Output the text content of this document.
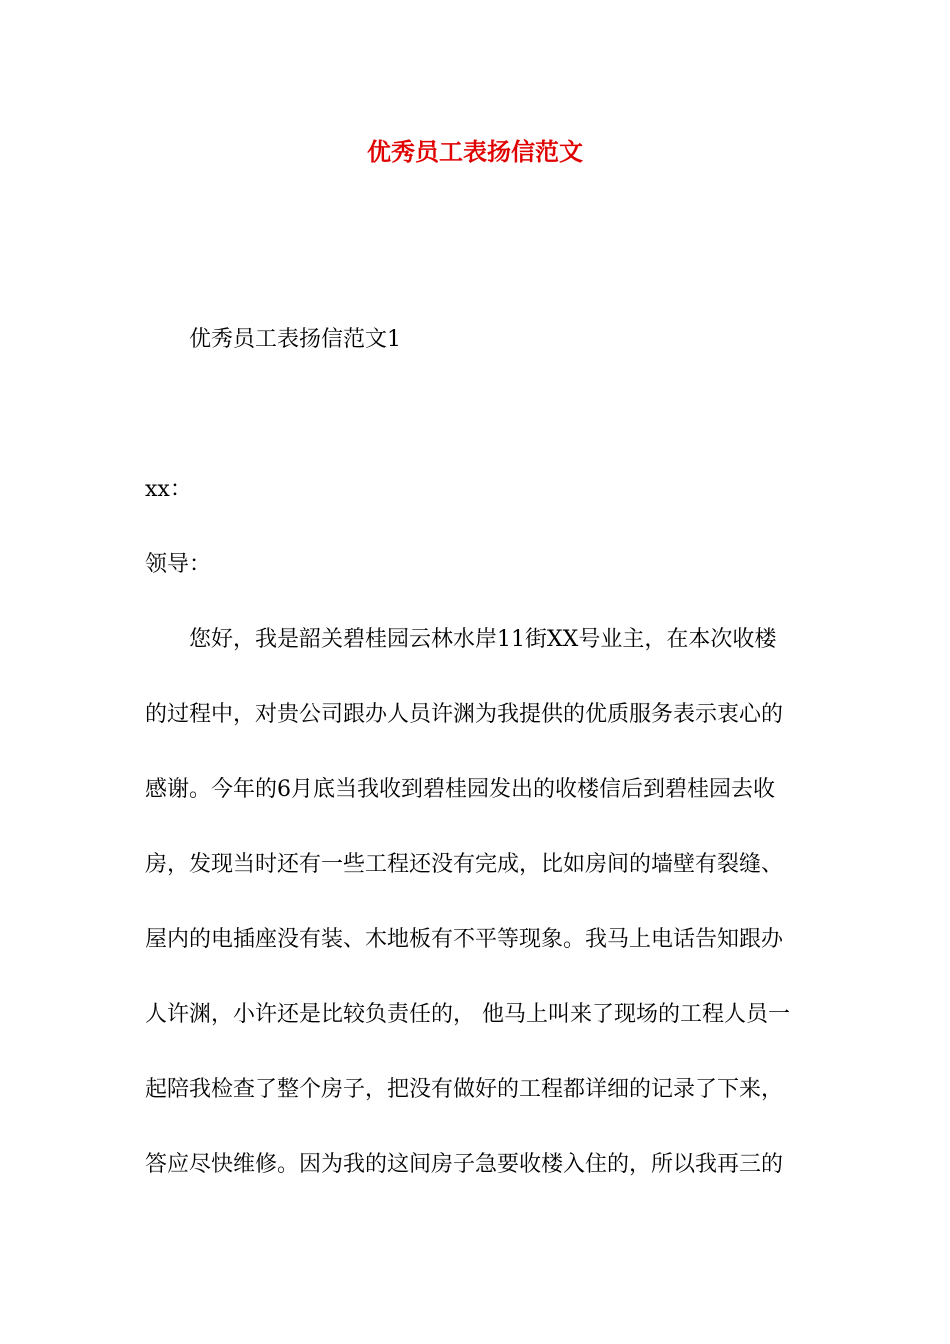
优秀员工表扬信范文
优秀员工表扬信范文1
xx：
领导：
您好，我是韶关碧桂园云林水岸11街XX号业主，在本次收楼
的过程中，对贵公司跟办人员许渊为我提供的优质服务表示衷心的
感谢。今年的6月底当我收到碧桂园发出的收楼信后到碧桂园去收
房，发现当时还有一些工程还没有完成，比如房间的墙壁有裂缝、
屋内的电插座没有装、木地板有不平等现象。我马上电话告知跟办
人许渊，小许还是比较负责任的， 他马上叫来了现场的工程人员一
起陪我检查了整个房子，把没有做好的工程都详细的记录了下来，
答应尽快维修。因为我的这间房子急要收楼入住的，所以我再三的
